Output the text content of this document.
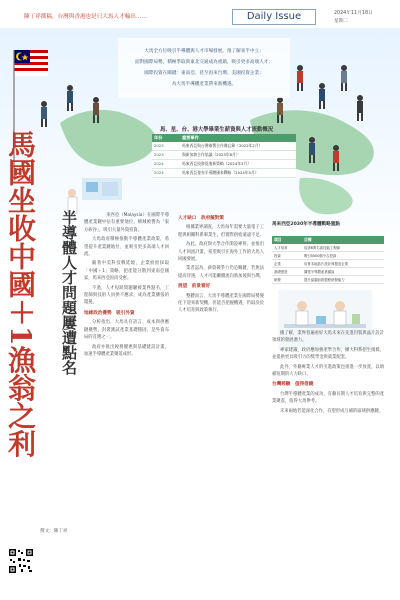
陳丁祥撰稿，台灣與香港也是只大馬人才輸出……	Daily Issue	2024年11月18日
星期二

大馬全方位吸引半導體與人才市場發展，推了解來半中立；

面對國際局勢，積極爭取與東北交通成為重鎮，吸引更多高端人才；

國際投資在關鍵：東南亞、甚至再來台灣、美國投資企業；

為大馬半導體產業帶來新機遇。

馬、星、台、港大學畢業生薪資與人才流動概況
年份	重要事件
2023	馬來西亞與台灣簽署合作備忘錄（2022年2月）
2023	與新加坡合作協議（2023年8月）
2024	馬來西亞投資促進新策略（2024年3月）
2024	馬來西亞發布半導體國家戰略（2024年5月）
馬國坐收中國＋1漁翁之利 半導體人才問題屢遭點名	來西亞（Malaysia）在國際半導體產業鏈中佔有重要地位，檳城被譽為「東方矽谷」，吸引大量外資投資。

大馬政府積極推動半導體產業政策，希望提升產業鏈地位，並吸引更多高端人才回流。

隨著中美科技戰延燒，企業紛紛採取「中國＋1」策略，把產能分散到東南亞國家，馬來西亞因而受惠。

不過，人才短缺問題屢被業界點名，工程師與技術人員供不應求，成為產業擴張的隱憂。

地緣政治優勢　吸引外資

分析指出，大馬具有語言、成本與供應鏈優勢，封裝測試產業基礎穩固，是外資布局的首選之一。

政府亦推出稅務優惠與基礎建設計畫，加速半導體產業聚落成形。

人才缺口　政府擬對策

根據業界調查，大馬每年需要大量電子工程與相關科系畢業生，但實際供給遠遠不足。

為此，政府與大學合作開設專班，並推出人才回流計畫，希望吸引在海外工作的大馬人回國發展。

業者認為，薪資競爭力仍是關鍵，若無法提高待遇，人才可能繼續流向新加坡與台灣。

展望　前景看好

整體而言，大馬半導體產業在國際局勢變化下迎來新契機，但能否把握機遇，仍取決於人才培育與政策執行。

馬來西亞2030年半導體戰略重點
項目	目標
人才培育	培訓6萬名高技能工程師
投資	吸引5000億令吉投資
企業	培育本地晶片設計與製造企業
基礎建設	擴建半導體產業園區
研發	提升晶圓前段製程研發能力

據了解，業界普遍看好大馬未來在先進封裝與晶片設計領域的發展潛力。

專家建議，政府應加強產學合作，擴大科系招生規模，並提供更具吸引力的獎學金與就業配套。

此外，外籍專業人才的引進政策也須進一步放寬，以填補短期的人力缺口。

台灣經驗　值得借鏡

台灣半導體產業的成功，有賴長期人才培育與完整的產業聚落，值得大馬參考。

未來兩地若能深化合作，有望形成互補的區域供應鏈。

撰文：陳丁祥
